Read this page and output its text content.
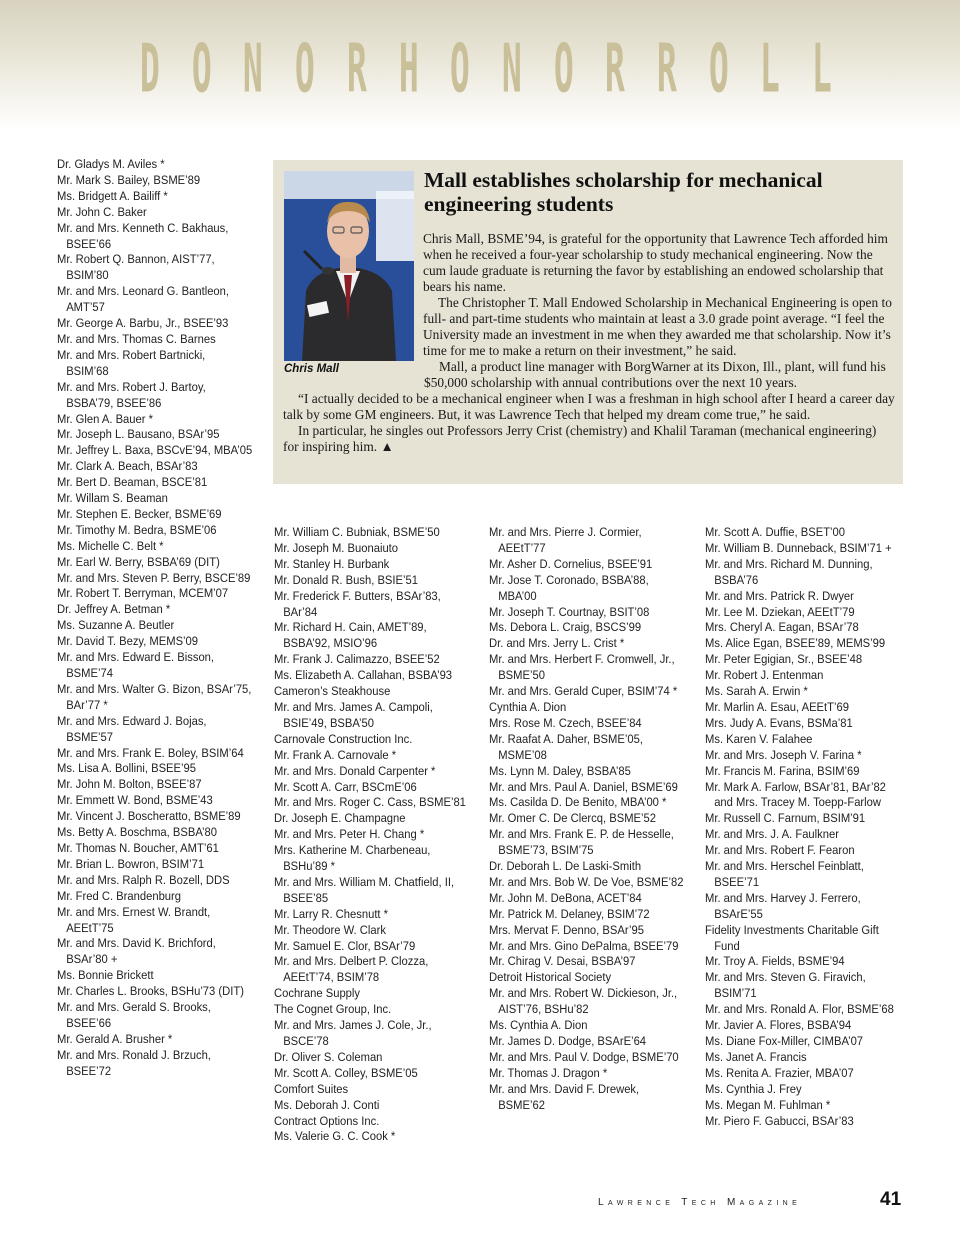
D O N O R H O N O R R O L L
Dr. Gladys M. Aviles *
Mr. Mark S. Bailey, BSME’89
Ms. Bridgett A. Bailiff *
Mr. John C. Baker
Mr. and Mrs. Kenneth C. Bakhaus,
BSEE’66
Mr. Robert Q. Bannon, AIST’77,
BSIM’80
Mr. and Mrs. Leonard G. Bantleon,
AMT’57
Mr. George A. Barbu, Jr., BSEE’93
Mr. and Mrs. Thomas C. Barnes
Mr. and Mrs. Robert Bartnicki,
BSIM’68
Mr. and Mrs. Robert J. Bartoy,
BSBA’79, BSEE’86
Mr. Glen A. Bauer *
Mr. Joseph L. Bausano, BSAr’95
Mr. Jeffrey L. Baxa, BSCvE’94, MBA’05
Mr. Clark A. Beach, BSAr’83
Mr. Bert D. Beaman, BSCE’81
Mr. Willam S. Beaman
Mr. Stephen E. Becker, BSME’69
Mr. Timothy M. Bedra, BSME’06
Ms. Michelle C. Belt *
Mr. Earl W. Berry, BSBA’69 (DIT)
Mr. and Mrs. Steven P. Berry, BSCE’89
Mr. Robert T. Berryman, MCEM’07
Dr. Jeffrey A. Betman *
Ms. Suzanne A. Beutler
Mr. David T. Bezy, MEMS’09
Mr. and Mrs. Edward E. Bisson,
BSME’74
Mr. and Mrs. Walter G. Bizon, BSAr’75,
BAr’77 *
Mr. and Mrs. Edward J. Bojas,
BSME’57
Mr. and Mrs. Frank E. Boley, BSIM’64
Ms. Lisa A. Bollini, BSEE’95
Mr. John M. Bolton, BSEE’87
Mr. Emmett W. Bond, BSME’43
Mr. Vincent J. Boscheratto, BSME’89
Ms. Betty A. Boschma, BSBA’80
Mr. Thomas N. Boucher, AMT’61
Mr. Brian L. Bowron, BSIM’71
Mr. and Mrs. Ralph R. Bozell, DDS
Mr. Fred C. Brandenburg
Mr. and Mrs. Ernest W. Brandt,
AEEtT’75
Mr. and Mrs. David K. Brichford,
BSAr’80 +
Ms. Bonnie Brickett
Mr. Charles L. Brooks, BSHu’73 (DIT)
Mr. and Mrs. Gerald S. Brooks,
BSEE’66
Mr. Gerald A. Brusher *
Mr. and Mrs. Ronald J. Brzuch,
BSEE’72
Chris Mall
Mall establishes scholarship for mechanical engineering students

Chris Mall, BSME’94, is grateful for the opportunity that Lawrence Tech afforded him when he received a four-year scholarship to study mechanical engineering. Now the cum laude graduate is returning the favor by establishing an endowed scholarship that bears his name.

The Christopher T. Mall Endowed Scholarship in Mechanical Engineering is open to full- and part-time students who maintain at least a 3.0 grade point average. “I feel the University made an investment in me when they awarded me that scholarship. Now it’s time for me to make a return on their investment,” he said.

Mall, a product line manager with BorgWarner at its Dixon, Ill., plant, will fund his $50,000 scholarship with annual contributions over the next 10 years.

“I actually decided to be a mechanical engineer when I was a freshman in high school after I heard a career day talk by some GM engineers. But, it was Lawrence Tech that helped my dream come true,” he said.

In particular, he singles out Professors Jerry Crist (chemistry) and Khalil Taraman (mechanical engineering) for inspiring him. ▲

Mr. William C. Bubniak, BSME’50
Mr. Joseph M. Buonaiuto
Mr. Stanley H. Burbank
Mr. Donald R. Bush, BSIE’51
Mr. Frederick F. Butters, BSAr’83,
BAr’84
Mr. Richard H. Cain, AMET’89,
BSBA’92, MSIO’96
Mr. Frank J. Calimazzo, BSEE’52
Ms. Elizabeth A. Callahan, BSBA’93
Cameron’s Steakhouse
Mr. and Mrs. James A. Campoli,
BSIE’49, BSBA’50
Carnovale Construction Inc.
Mr. Frank A. Carnovale *
Mr. and Mrs. Donald Carpenter *
Mr. Scott A. Carr, BSCmE’06
Mr. and Mrs. Roger C. Cass, BSME’81
Dr. Joseph E. Champagne
Mr. and Mrs. Peter H. Chang *
Mrs. Katherine M. Charbeneau,
BSHu’89 *
Mr. and Mrs. William M. Chatfield, II,
BSEE’85
Mr. Larry R. Chesnutt *
Mr. Theodore W. Clark
Mr. Samuel E. Clor, BSAr’79
Mr. and Mrs. Delbert P. Clozza,
AEEtT’74, BSIM’78
Cochrane Supply
The Cognet Group, Inc.
Mr. and Mrs. James J. Cole, Jr.,
BSCE’78
Dr. Oliver S. Coleman
Mr. Scott A. Colley, BSME’05
Comfort Suites
Ms. Deborah J. Conti
Contract Options Inc.
Ms. Valerie G. C. Cook *
Mr. and Mrs. Pierre J. Cormier,
AEEtT’77
Mr. Asher D. Cornelius, BSEE’91
Mr. Jose T. Coronado, BSBA’88,
MBA’00
Mr. Joseph T. Courtnay, BSIT’08
Ms. Debora L. Craig, BSCS’99
Dr. and Mrs. Jerry L. Crist *
Mr. and Mrs. Herbert F. Cromwell, Jr.,
BSME’50
Mr. and Mrs. Gerald Cuper, BSIM’74 *
Cynthia A. Dion
Mrs. Rose M. Czech, BSEE’84
Mr. Raafat A. Daher, BSME’05,
MSME’08
Ms. Lynn M. Daley, BSBA’85
Mr. and Mrs. Paul A. Daniel, BSME’69
Ms. Casilda D. De Benito, MBA’00 *
Mr. Omer C. De Clercq, BSME’52
Mr. and Mrs. Frank E. P. de Hesselle,
BSME’73, BSIM’75
Dr. Deborah L. De Laski-Smith
Mr. and Mrs. Bob W. De Voe, BSME’82
Mr. John M. DeBona, ACET’84
Mr. Patrick M. Delaney, BSIM’72
Mrs. Mervat F. Denno, BSAr’95
Mr. and Mrs. Gino DePalma, BSEE’79
Mr. Chirag V. Desai, BSBA’97
Detroit Historical Society
Mr. and Mrs. Robert W. Dickieson, Jr.,
AIST’76, BSHu’82
Ms. Cynthia A. Dion
Mr. James D. Dodge, BSArE’64
Mr. and Mrs. Paul V. Dodge, BSME’70
Mr. Thomas J. Dragon *
Mr. and Mrs. David F. Drewek,
BSME’62
Mr. Scott A. Duffie, BSET’00
Mr. William B. Dunneback, BSIM’71 +
Mr. and Mrs. Richard M. Dunning,
BSBA’76
Mr. and Mrs. Patrick R. Dwyer
Mr. Lee M. Dziekan, AEEtT’79
Mrs. Cheryl A. Eagan, BSAr’78
Ms. Alice Egan, BSEE’89, MEMS’99
Mr. Peter Egigian, Sr., BSEE’48
Mr. Robert J. Entenman
Ms. Sarah A. Erwin *
Mr. Marlin A. Esau, AEEtT’69
Mrs. Judy A. Evans, BSMa’81
Ms. Karen V. Falahee
Mr. and Mrs. Joseph V. Farina *
Mr. Francis M. Farina, BSIM’69
Mr. Mark A. Farlow, BSAr’81, BAr’82
and Mrs. Tracey M. Toepp-Farlow
Mr. Russell C. Farnum, BSIM’91
Mr. and Mrs. J. A. Faulkner
Mr. and Mrs. Robert F. Fearon
Mr. and Mrs. Herschel Feinblatt,
BSEE’71
Mr. and Mrs. Harvey J. Ferrero,
BSArE’55
Fidelity Investments Charitable Gift
Fund
Mr. Troy A. Fields, BSME’94
Mr. and Mrs. Steven G. Firavich,
BSIM’71
Mr. and Mrs. Ronald A. Flor, BSME’68
Mr. Javier A. Flores, BSBA’94
Ms. Diane Fox-Miller, CIMBA’07
Ms. Janet A. Francis
Ms. Renita A. Frazier, MBA’07
Ms. Cynthia J. Frey
Ms. Megan M. Fuhlman *
Mr. Piero F. Gabucci, BSAr’83
Lawrence Tech Magazine	41
